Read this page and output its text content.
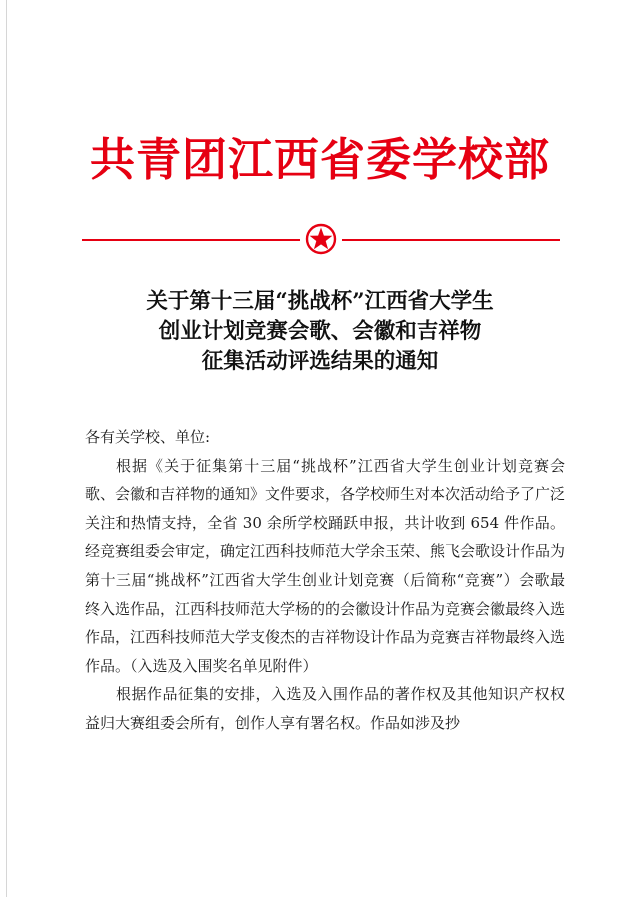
共青团江西省委学校部
关于第十三届“挑战杯”江西省大学生
创业计划竞赛会歌、会徽和吉祥物
征集活动评选结果的通知

各有关学校、单位:

根据《关于征集第十三届“挑战杯”江西省大学生创业计划竞赛会歌、会徽和吉祥物的通知》文件要求，各学校师生对本次活动给予了广泛关注和热情支持，全省 30 余所学校踊跃申报，共计收到 654 件作品。经竞赛组委会审定，确定江西科技师范大学余玉荣、熊飞会歌设计作品为第十三届“挑战杯”江西省大学生创业计划竞赛（后简称“竞赛”）会歌最终入选作品，江西科技师范大学杨的的会徽设计作品为竞赛会徽最终入选作品，江西科技师范大学支俊杰的吉祥物设计作品为竞赛吉祥物最终入选作品。（入选及入围奖名单见附件）

根据作品征集的安排，入选及入围作品的著作权及其他知识产权权益归大赛组委会所有，创作人享有署名权。作品如涉及抄
